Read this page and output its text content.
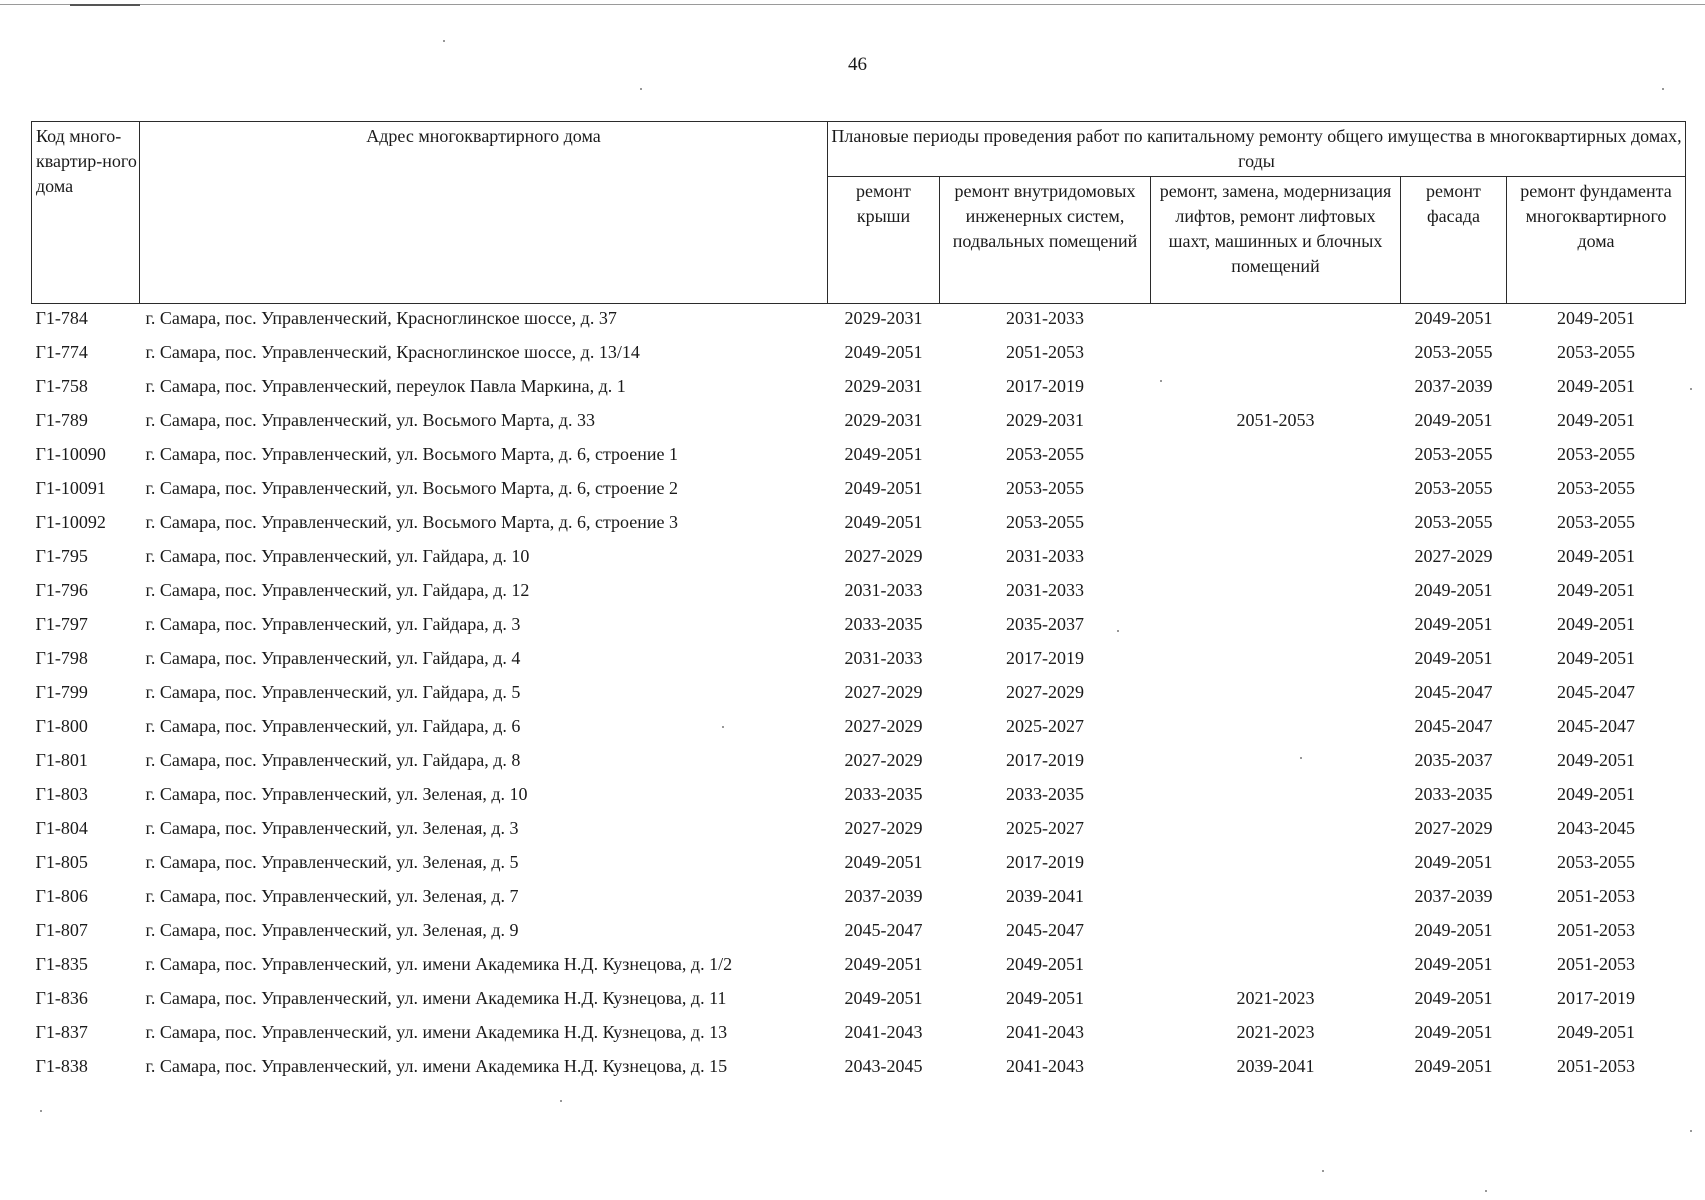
46
Код много-квартир-ного дома	Адрес многоквартирного дома	Плановые периоды проведения работ по капитальному ремонту общего имущества в многоквартирных домах, годы				
		ремонт крыши	ремонт внутридомовых инженерных систем, подвальных помещений	ремонт, замена, модернизация лифтов, ремонт лифтовых шахт, машинных и блочных помещений	ремонт фасада	ремонт фундамента многоквартирного дома
Г1-784	г. Самара, пос. Управленческий, Красноглинское шоссе, д. 37	2029-2031	2031-2033		2049-2051	2049-2051
Г1-774	г. Самара, пос. Управленческий, Красноглинское шоссе, д. 13/14	2049-2051	2051-2053		2053-2055	2053-2055
Г1-758	г. Самара, пос. Управленческий, переулок Павла Маркина, д. 1	2029-2031	2017-2019		2037-2039	2049-2051
Г1-789	г. Самара, пос. Управленческий, ул. Восьмого Марта, д. 33	2029-2031	2029-2031	2051-2053	2049-2051	2049-2051
Г1-10090	г. Самара, пос. Управленческий, ул. Восьмого Марта, д. 6, строение 1	2049-2051	2053-2055		2053-2055	2053-2055
Г1-10091	г. Самара, пос. Управленческий, ул. Восьмого Марта, д. 6, строение 2	2049-2051	2053-2055		2053-2055	2053-2055
Г1-10092	г. Самара, пос. Управленческий, ул. Восьмого Марта, д. 6, строение 3	2049-2051	2053-2055		2053-2055	2053-2055
Г1-795	г. Самара, пос. Управленческий, ул. Гайдара, д. 10	2027-2029	2031-2033		2027-2029	2049-2051
Г1-796	г. Самара, пос. Управленческий, ул. Гайдара, д. 12	2031-2033	2031-2033		2049-2051	2049-2051
Г1-797	г. Самара, пос. Управленческий, ул. Гайдара, д. 3	2033-2035	2035-2037		2049-2051	2049-2051
Г1-798	г. Самара, пос. Управленческий, ул. Гайдара, д. 4	2031-2033	2017-2019		2049-2051	2049-2051
Г1-799	г. Самара, пос. Управленческий, ул. Гайдара, д. 5	2027-2029	2027-2029		2045-2047	2045-2047
Г1-800	г. Самара, пос. Управленческий, ул. Гайдара, д. 6	2027-2029	2025-2027		2045-2047	2045-2047
Г1-801	г. Самара, пос. Управленческий, ул. Гайдара, д. 8	2027-2029	2017-2019		2035-2037	2049-2051
Г1-803	г. Самара, пос. Управленческий, ул. Зеленая, д. 10	2033-2035	2033-2035		2033-2035	2049-2051
Г1-804	г. Самара, пос. Управленческий, ул. Зеленая, д. 3	2027-2029	2025-2027		2027-2029	2043-2045
Г1-805	г. Самара, пос. Управленческий, ул. Зеленая, д. 5	2049-2051	2017-2019		2049-2051	2053-2055
Г1-806	г. Самара, пос. Управленческий, ул. Зеленая, д. 7	2037-2039	2039-2041		2037-2039	2051-2053
Г1-807	г. Самара, пос. Управленческий, ул. Зеленая, д. 9	2045-2047	2045-2047		2049-2051	2051-2053
Г1-835	г. Самара, пос. Управленческий, ул. имени Академика Н.Д. Кузнецова, д. 1/2	2049-2051	2049-2051		2049-2051	2051-2053
Г1-836	г. Самара, пос. Управленческий, ул. имени Академика Н.Д. Кузнецова, д. 11	2049-2051	2049-2051	2021-2023	2049-2051	2017-2019
Г1-837	г. Самара, пос. Управленческий, ул. имени Академика Н.Д. Кузнецова, д. 13	2041-2043	2041-2043	2021-2023	2049-2051	2049-2051
Г1-838	г. Самара, пос. Управленческий, ул. имени Академика Н.Д. Кузнецова, д. 15	2043-2045	2041-2043	2039-2041	2049-2051	2051-2053
